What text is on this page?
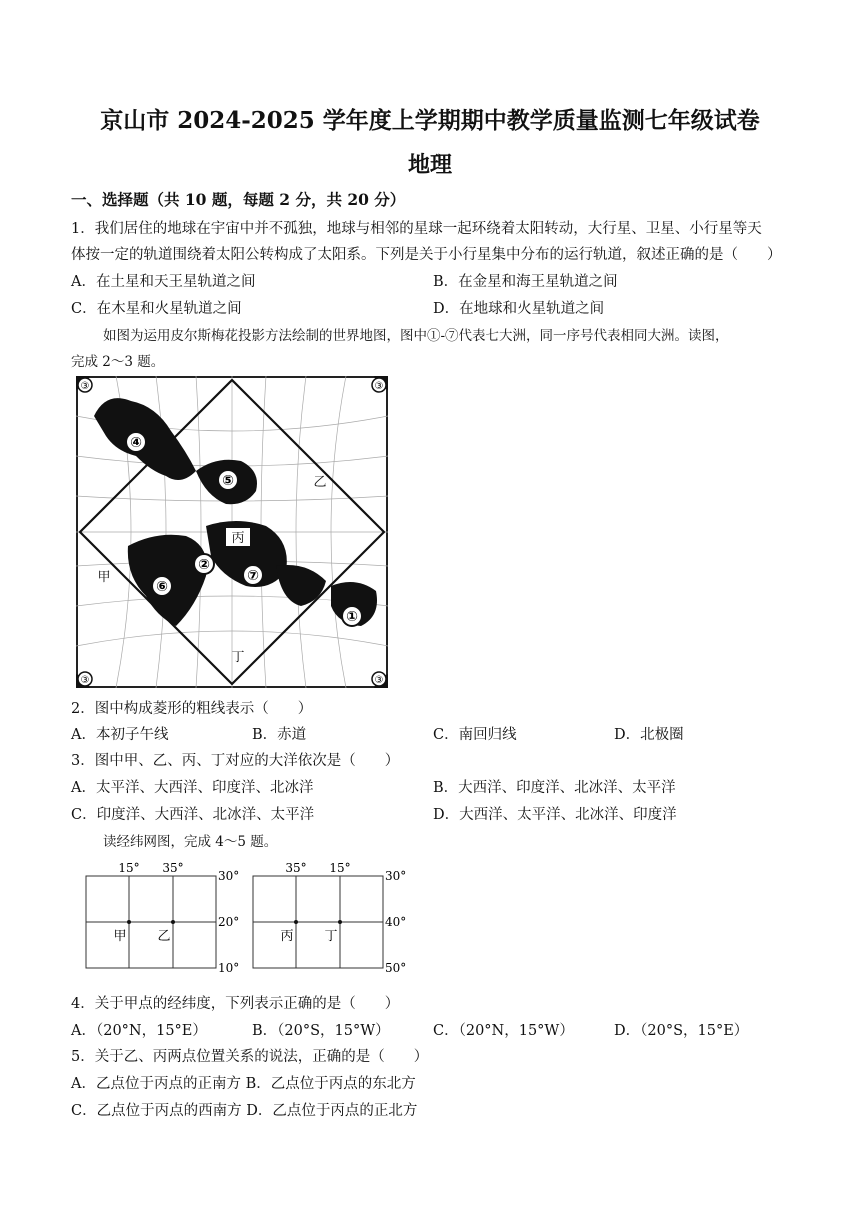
京山市 2024-2025 学年度上学期期中教学质量监测七年级试卷
地理
一、选择题（共 10 题，每题 2 分，共 20 分）
1．我们居住的地球在宇宙中并不孤独，地球与相邻的星球一起环绕着太阳转动，大行星、卫星、小行星等天
体按一定的轨道围绕着太阳公转构成了太阳系。下列是关于小行星集中分布的运行轨道，叙述正确的是（　　）
A．在土星和天王星轨道之间	B．在金星和海王星轨道之间
C．在木星和火星轨道之间	D．在地球和火星轨道之间
如图为运用皮尔斯梅花投影方法绘制的世界地图，图中①-⑦代表七大洲，同一序号代表相同大洲。读图，
完成 2～3 题。
④
⑤
②
⑥
⑦
①
③	③
③	③
甲
乙
丙
丁
2．图中构成菱形的粗线表示（　　）
A．本初子午线	B．赤道	C．南回归线	D．北极圈
3．图中甲、乙、丙、丁对应的大洋依次是（　　）
A．太平洋、大西洋、印度洋、北冰洋	B．大西洋、印度洋、北冰洋、太平洋
C．印度洋、大西洋、北冰洋、太平洋	D．大西洋、太平洋、北冰洋、印度洋
读经纬网图，完成 4～5 题。
15° 35°
30°
20°
10°
甲 乙
35° 15°
30°
40°
50°
丙 丁
4．关于甲点的经纬度，下列表示正确的是（　　）
A．（20°N，15°E）	B．（20°S，15°W）	C．（20°N，15°W）	D．（20°S，15°E）
5．关于乙、丙两点位置关系的说法，正确的是（　　）
A．乙点位于丙点的正南方 B．乙点位于丙点的东北方
C．乙点位于丙点的西南方 D．乙点位于丙点的正北方
